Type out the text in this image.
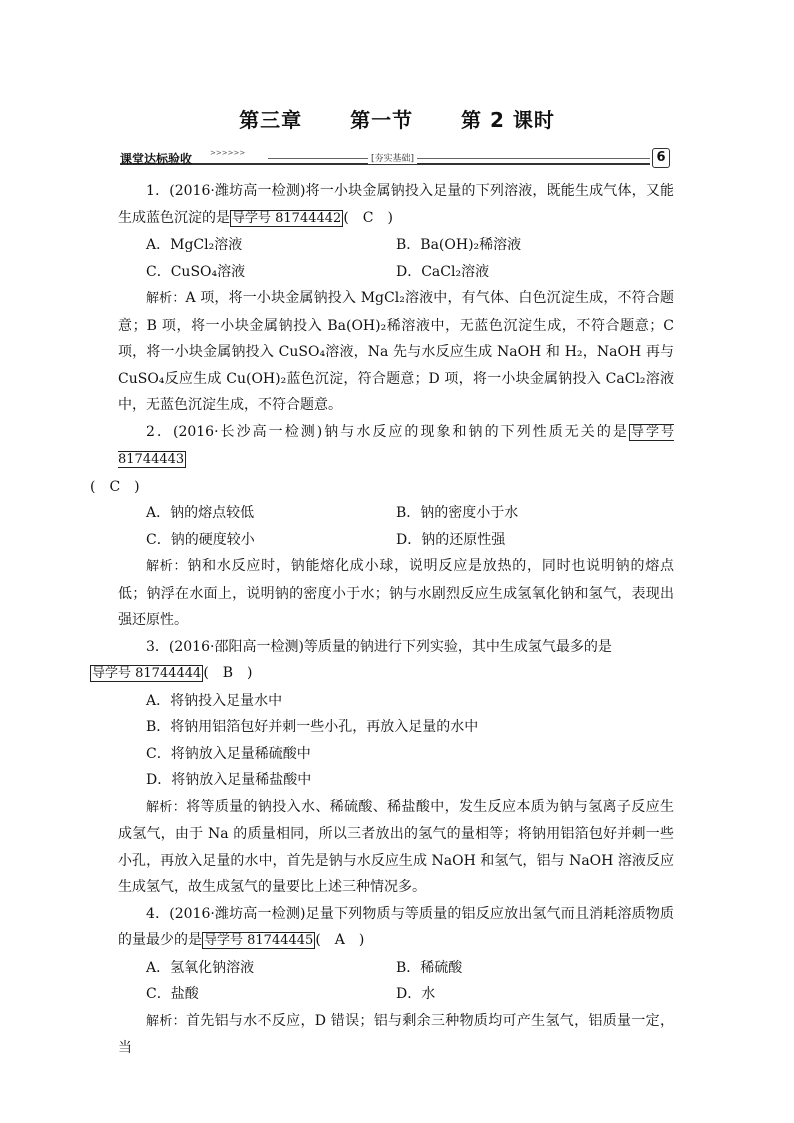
第三章 第一节 第 2 课时
课堂达标验收	>>>>>>
[夯实基础]	6

1．(2016·潍坊高一检测)将一小块金属钠投入足量的下列溶液，既能生成气体，又能生成蓝色沉淀的是 导学号 81744442 (　C　)

A．MgCl₂溶液	B．Ba(OH)₂稀溶液
C．CuSO₄溶液	D．CaCl₂溶液

解析：A 项，将一小块金属钠投入 MgCl₂溶液中，有气体、白色沉淀生成，不符合题意；B 项，将一小块金属钠投入 Ba(OH)₂稀溶液中，无蓝色沉淀生成，不符合题意；C 项，将一小块金属钠投入 CuSO₄溶液，Na 先与水反应生成 NaOH 和 H₂，NaOH 再与 CuSO₄反应生成 Cu(OH)₂蓝色沉淀，符合题意；D 项，将一小块金属钠投入 CaCl₂溶液中，无蓝色沉淀生成，不符合题意。

2．(2016·长沙高一检测)钠与水反应的现象和钠的下列性质无关的是 导学号 81744443
(　C　)

A．钠的熔点较低	B．钠的密度小于水
C．钠的硬度较小	D．钠的还原性强

解析：钠和水反应时，钠能熔化成小球，说明反应是放热的，同时也说明钠的熔点低；钠浮在水面上，说明钠的密度小于水；钠与水剧烈反应生成氢氧化钠和氢气，表现出强还原性。

3．(2016·邵阳高一检测)等质量的钠进行下列实验，其中生成氢气最多的是
导学号 81744444 (　B　)

A．将钠投入足量水中
B．将钠用铝箔包好并刺一些小孔，再放入足量的水中
C．将钠放入足量稀硫酸中
D．将钠放入足量稀盐酸中

解析：将等质量的钠投入水、稀硫酸、稀盐酸中，发生反应本质为钠与氢离子反应生成氢气，由于 Na 的质量相同，所以三者放出的氢气的量相等；将钠用铝箔包好并刺一些小孔，再放入足量的水中，首先是钠与水反应生成 NaOH 和氢气，铝与 NaOH 溶液反应生成氢气，故生成氢气的量要比上述三种情况多。

4．(2016·潍坊高一检测)足量下列物质与等质量的铝反应放出氢气而且消耗溶质物质的量最少的是 导学号 81744445 (　A　)

A．氢氧化钠溶液	B．稀硫酸
C．盐酸	D．水

解析：首先铝与水不反应，D 错误；铝与剩余三种物质均可产生氢气，铝质量一定，当
